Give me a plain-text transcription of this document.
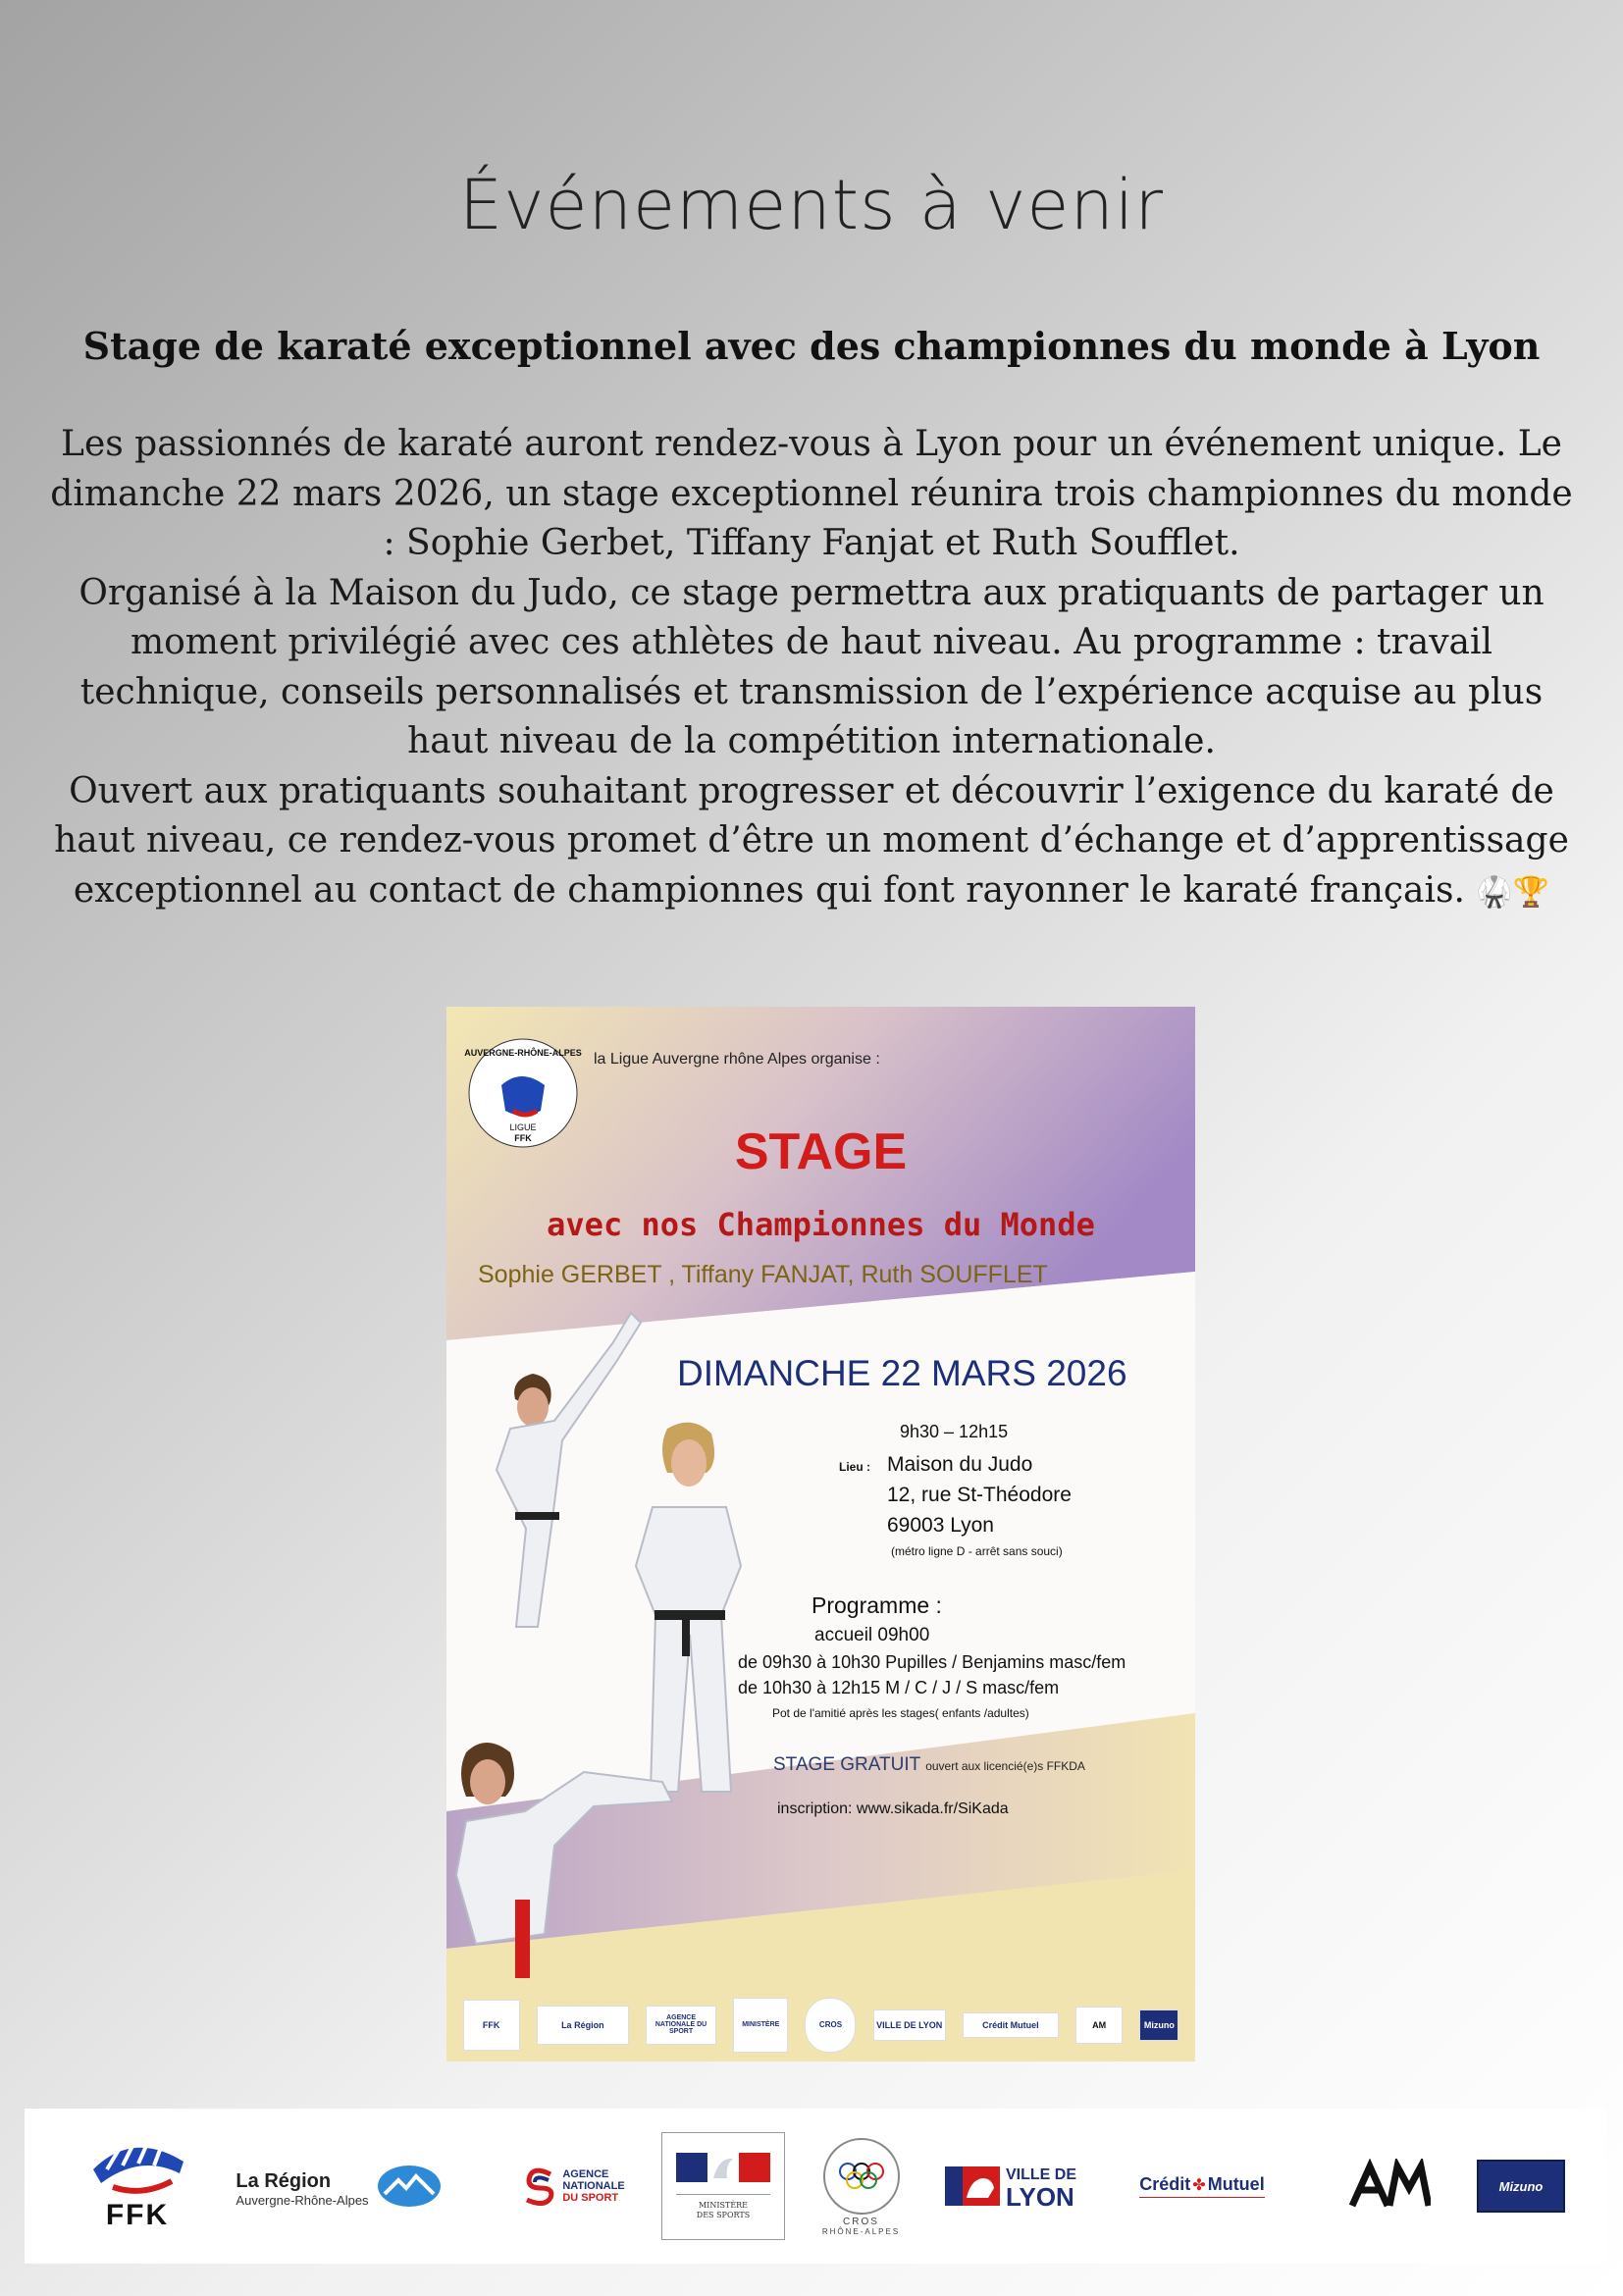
Événements à venir
Stage de karaté exceptionnel avec des championnes du monde à Lyon

Les passionnés de karaté auront rendez-vous à Lyon pour un événement unique. Le dimanche 22 mars 2026, un stage exceptionnel réunira trois championnes du monde : Sophie Gerbet, Tiffany Fanjat et Ruth Soufflet.

Organisé à la Maison du Judo, ce stage permettra aux pratiquants de partager un moment privilégié avec ces athlètes de haut niveau. Au programme : travail technique, conseils personnalisés et transmission de l’expérience acquise au plus haut niveau de la compétition internationale.

Ouvert aux pratiquants souhaitant progresser et découvrir l’exigence du karaté de haut niveau, ce rendez-vous promet d’être un moment d’échange et d’apprentissage exceptionnel au contact de championnes qui font rayonner le karaté français. 🥋🏆

AUVERGNE-RHÔNE-ALPES
LIGUE
FFK
la Ligue Auvergne rhône Alpes organise :
STAGE
avec nos Championnes du Monde
Sophie GERBET , Tiffany FANJAT, Ruth SOUFFLET
DIMANCHE 22 MARS 2026
9h30 – 12h15
Lieu : Maison du Judo
12, rue St-Théodore
69003 Lyon
(métro ligne D - arrêt sans souci)
Programme :
accueil 09h00
de 09h30 à 10h30 Pupilles / Benjamins masc/fem
de 10h30 à 12h15 M / C / J / S masc/fem
Pot de l'amitié après les stages( enfants /adultes)
STAGE GRATUIT ouvert aux licencié(e)s FFKDA
inscription: www.sikada.fr/SiKada
FFK	La Région
AGENCE NATIONALE DU SPORT
MINISTÈRE	CROS	VILLE DE LYON	Crédit Mutuel	AM	Mizuno
FFK
La Région
Auvergne-Rhône-Alpes
AGENCE
NATIONALE
DU SPORT
MINISTÈRE
DES SPORTS
CROS
RHÔNE-ALPES
VILLE DE
LYON	Crédit ✤ Mutuel	Mizuno
